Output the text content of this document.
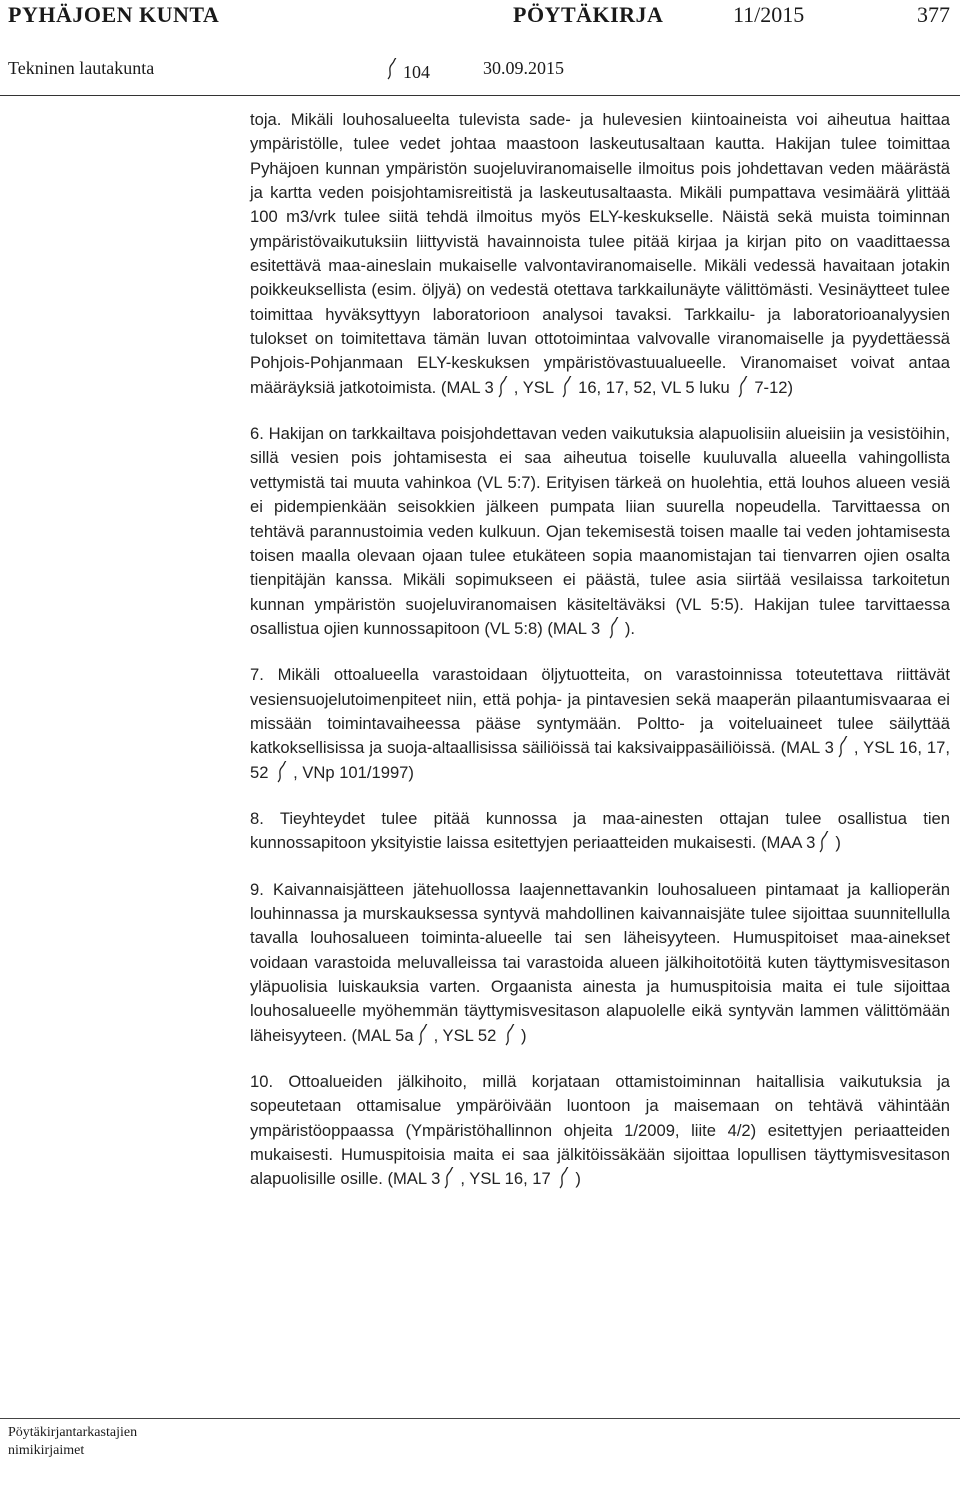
PYHÄJOEN KUNTA	PÖYTÄKIRJA	11/2015	377
Tekninen lautakunta	104	30.09.2015

toja. Mikäli louhosalueelta tulevista sade- ja hulevesien kiintoaineista voi aiheutua haittaa ympäristölle, tulee vedet johtaa maastoon laskeutusaltaan kautta. Hakijan tulee toimittaa Pyhäjoen kunnan ympäristön suojeluviranomaiselle ilmoitus pois johdettavan veden määrästä ja kartta veden poisjohtamisreitistä ja laskeutusaltaasta. Mikäli pumpattava vesimäärä ylittää 100 m3/vrk tulee siitä tehdä ilmoitus myös ELY-keskukselle. Näistä sekä muista toiminnan ympäristövaikutuksiin liittyvistä havainnoista tulee pitää kirjaa ja kirjan pito on vaadittaessa esitettävä maa-aineslain mukaiselle valvontaviranomaiselle. Mikäli vedessä havaitaan jotakin poikkeuksellista (esim. öljyä) on vedestä otettava tarkkailunäyte välittömästi. Vesinäytteet tulee toimittaa hyväksyttyyn laboratorioon analysoi tavaksi. Tarkkailu- ja laboratorioanalyysien tulokset on toimitettava tämän luvan ottotoimintaa valvovalle viranomaiselle ja pyydettäessä Pohjois-Pohjanmaan ELY-keskuksen ympäristövastuualueelle. Viranomaiset voivat antaa määräyksiä jatkotoimista. (MAL 3 , YSL 16, 17, 52, VL 5 luku 7-12)

6. Hakijan on tarkkailtava poisjohdettavan veden vaikutuksia alapuolisiin alueisiin ja vesistöihin, sillä vesien pois johtamisesta ei saa aiheutua toiselle kuuluvalla alueella vahingollista vettymistä tai muuta vahinkoa (VL 5:7). Erityisen tärkeä on huolehtia, että louhos alueen vesiä ei pidempienkään seisokkien jälkeen pumpata liian suurella nopeudella. Tarvittaessa on tehtävä parannustoimia veden kulkuun. Ojan tekemisestä toisen maalle tai veden johtamisesta toisen maalla olevaan ojaan tulee etukäteen sopia maanomistajan tai tienvarren ojien osalta tienpitäjän kanssa. Mikäli sopimukseen ei päästä, tulee asia siirtää vesilaissa tarkoitetun kunnan ympäristön suojeluviranomaisen käsiteltäväksi (VL 5:5). Hakijan tulee tarvittaessa osallistua ojien kunnossapitoon (VL 5:8) (MAL 3 ).

7. Mikäli ottoalueella varastoidaan öljytuotteita, on varastoinnissa toteutettava riittävät vesiensuojelutoimenpiteet niin, että pohja- ja pintavesien sekä maaperän pilaantumisvaaraa ei missään toimintavaiheessa pääse syntymään. Poltto- ja voiteluaineet tulee säilyttää katkoksellisissa ja suoja-altaallisissa säiliöissä tai kaksivaippasäiliöissä. (MAL 3 , YSL 16, 17, 52 , VNp 101/1997)

8. Tieyhteydet tulee pitää kunnossa ja maa-ainesten ottajan tulee osallistua tien kunnossapitoon yksityistie laissa esitettyjen periaatteiden mukaisesti. (MAA 3 )

9. Kaivannaisjätteen jätehuollossa laajennettavankin louhosalueen pintamaat ja kallioperän louhinnassa ja murskauksessa syntyvä mahdollinen kaivannaisjäte tulee sijoittaa suunnitellulla tavalla louhosalueen toiminta-alueelle tai sen läheisyyteen. Humuspitoiset maa-ainekset voidaan varastoida meluvalleissa tai varastoida alueen jälkihoitotöitä kuten täyttymisvesitason yläpuolisia luiskauksia varten. Orgaanista ainesta ja humuspitoisia maita ei tule sijoittaa louhosalueelle myöhemmän täyttymisvesitason alapuolelle eikä syntyvän lammen välittömään läheisyyteen. (MAL 5a , YSL 52 )

10. Ottoalueiden jälkihoito, millä korjataan ottamistoiminnan haitallisia vaikutuksia ja sopeutetaan ottamisalue ympäröivään luontoon ja maisemaan on tehtävä vähintään ympäristöoppaassa (Ympäristöhallinnon ohjeita 1/2009, liite 4/2) esitettyjen periaatteiden mukaisesti. Humuspitoisia maita ei saa jälkitöissäkään sijoittaa lopullisen täyttymisvesitason alapuolisille osille. (MAL 3 , YSL 16, 17 )

Pöytäkirjantarkastajien
nimikirjaimet
